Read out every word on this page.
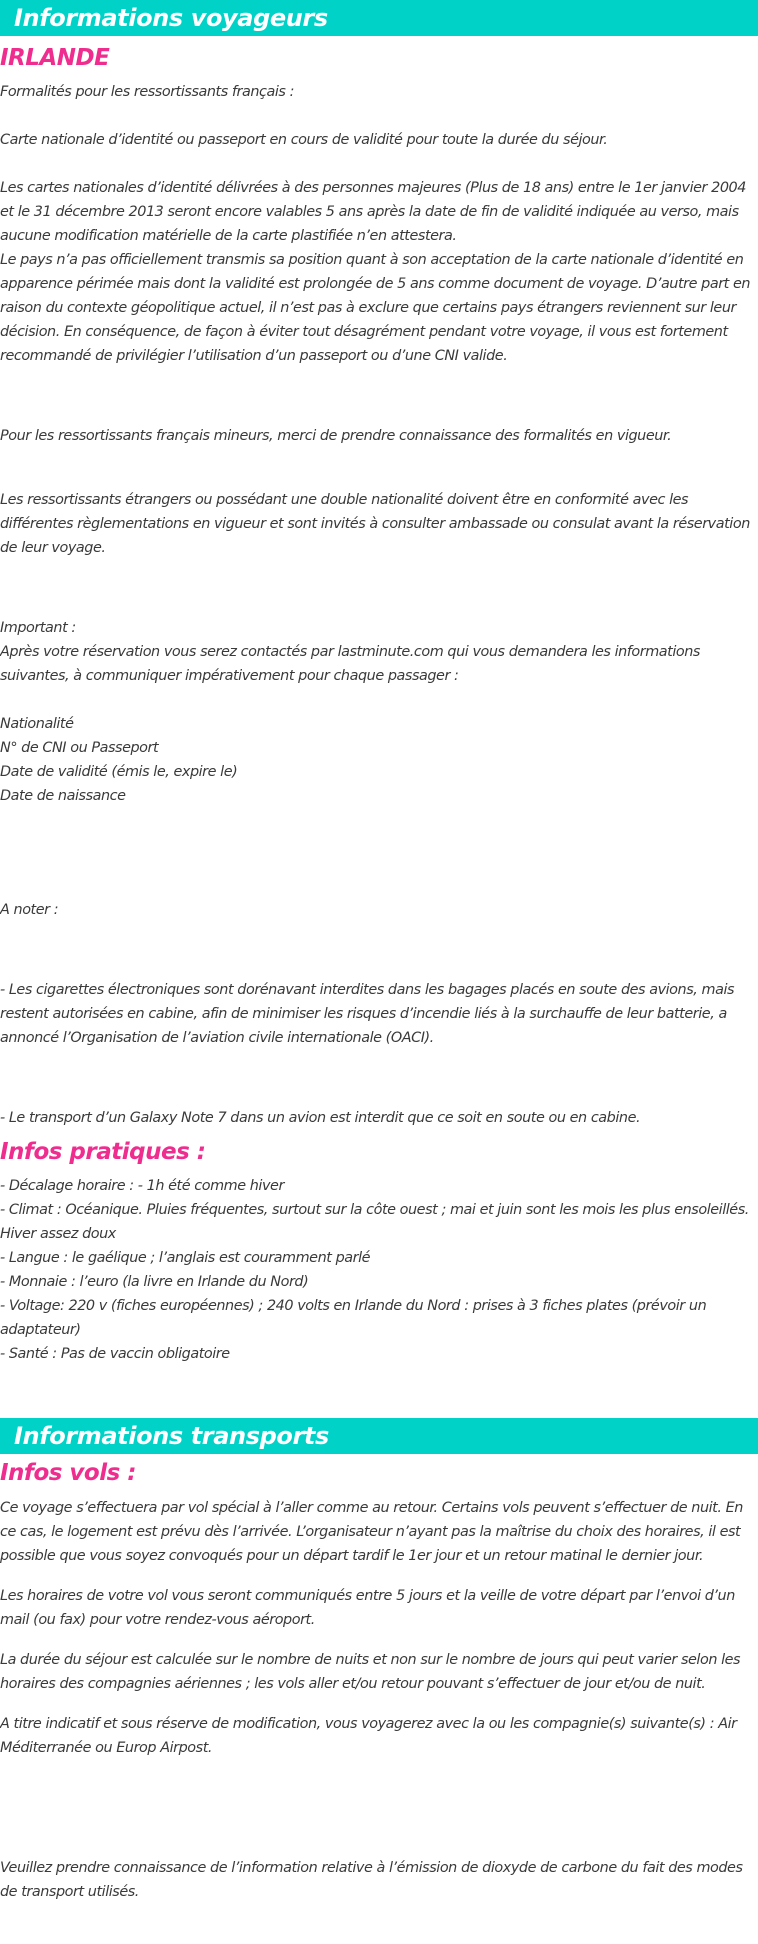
Informations voyageurs
IRLANDE

Formalités pour les ressortissants français :

Carte nationale d’identité ou passeport en cours de validité pour toute la durée du séjour.

Les cartes nationales d’identité délivrées à des personnes majeures (Plus de 18 ans) entre le 1er janvier 2004 et le 31 décembre 2013 seront encore valables 5 ans après la date de fin de validité indiquée au verso, mais aucune modification matérielle de la carte plastifiée n’en attestera.

Le pays n’a pas officiellement transmis sa position quant à son acceptation de la carte nationale d’identité en apparence périmée mais dont la validité est prolongée de 5 ans comme document de voyage. D’autre part en raison du contexte géopolitique actuel, il n’est pas à exclure que certains pays étrangers reviennent sur leur décision. En conséquence, de façon à éviter tout désagrément pendant votre voyage, il vous est fortement recommandé de privilégier l’utilisation d’un passeport ou d’une CNI valide.

Pour les ressortissants français mineurs, merci de prendre connaissance des formalités en vigueur.

Les ressortissants étrangers ou possédant une double nationalité doivent être en conformité avec les différentes règlementations en vigueur et sont invités à consulter ambassade ou consulat avant la réservation de leur voyage.

Important :

Après votre réservation vous serez contactés par lastminute.com qui vous demandera les informations suivantes, à communiquer impérativement pour chaque passager :

Nationalité
N° de CNI ou Passeport
Date de validité (émis le, expire le)
Date de naissance

A noter :

- Les cigarettes électroniques sont dorénavant interdites dans les bagages placés en soute des avions, mais restent autorisées en cabine, afin de minimiser les risques d’incendie liés à la surchauffe de leur batterie, a annoncé l’Organisation de l’aviation civile internationale (OACI).

- Le transport d’un Galaxy Note 7 dans un avion est interdit que ce soit en soute ou en cabine.

Infos pratiques :
- Décalage horaire : - 1h été comme hiver
- Climat : Océanique. Pluies fréquentes, surtout sur la côte ouest ; mai et juin sont les mois les plus ensoleillés. Hiver assez doux
- Langue : le gaélique ; l’anglais est couramment parlé
- Monnaie : l’euro (la livre en Irlande du Nord)
- Voltage: 220 v (fiches européennes) ; 240 volts en Irlande du Nord : prises à 3 fiches plates (prévoir un adaptateur)
- Santé : Pas de vaccin obligatoire
Informations transports
Infos vols :

Ce voyage s’effectuera par vol spécial à l’aller comme au retour. Certains vols peuvent s’effectuer de nuit. En ce cas, le logement est prévu dès l’arrivée. L’organisateur n’ayant pas la maîtrise du choix des horaires, il est possible que vous soyez convoqués pour un départ tardif le 1er jour et un retour matinal le dernier jour.

Les horaires de votre vol vous seront communiqués entre 5 jours et la veille de votre départ par l’envoi d’un mail (ou fax) pour votre rendez-vous aéroport.

La durée du séjour est calculée sur le nombre de nuits et non sur le nombre de jours qui peut varier selon les horaires des compagnies aériennes ; les vols aller et/ou retour pouvant s’effectuer de jour et/ou de nuit.

A titre indicatif et sous réserve de modification, vous voyagerez avec la ou les compagnie(s) suivante(s) : Air Méditerranée ou Europ Airpost.

Veuillez prendre connaissance de l’information relative à l’émission de dioxyde de carbone du fait des modes de transport utilisés.
